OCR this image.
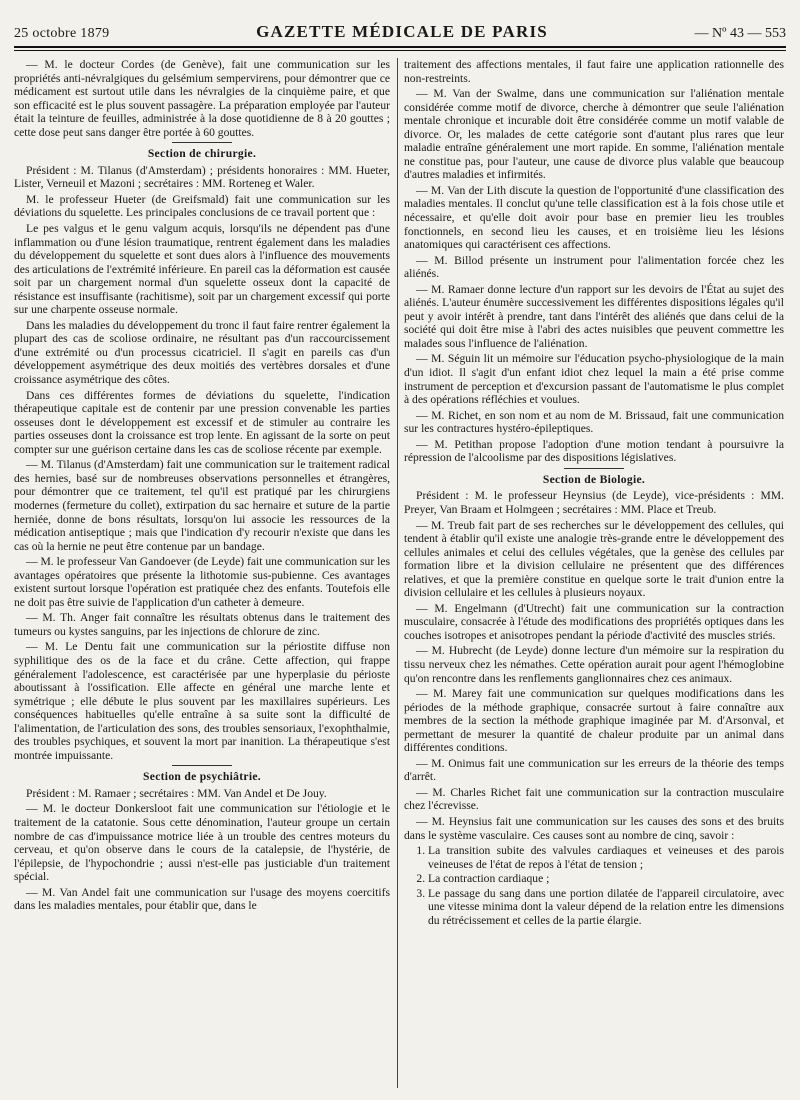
25 octobre 1879	GAZETTE MÉDICALE DE PARIS	— Nº 43 — 553

— M. le docteur Cordes (de Genève), fait une communication sur les propriétés anti-névralgiques du gelsémium sempervirens, pour démontrer que ce médicament est surtout utile dans les névralgies de la cinquième paire, et que son efficacité est le plus souvent passagère. La préparation employée par l'auteur était la teinture de feuilles, administrée à la dose quotidienne de 8 à 20 gouttes ; cette dose peut sans danger être portée à 60 gouttes.

Section de chirurgie.

Président : M. Tilanus (d'Amsterdam) ; présidents honoraires : MM. Hueter, Lister, Verneuil et Mazoni ; secrétaires : MM. Rorteneg et Waler.

M. le professeur Hueter (de Greifsmald) fait une communication sur les déviations du squelette. Les principales conclusions de ce travail portent que :

Le pes valgus et le genu valgum acquis, lorsqu'ils ne dépendent pas d'une inflammation ou d'une lésion traumatique, rentrent également dans les maladies du développement du squelette et sont dues alors à l'influence des mouvements des articulations de l'extrémité inférieure. En pareil cas la déformation est causée soit par un chargement normal d'un squelette osseux dont la capacité de résistance est insuffisante (rachitisme), soit par un chargement excessif qui porte sur une charpente osseuse normale.

Dans les maladies du développement du tronc il faut faire rentrer également la plupart des cas de scoliose ordinaire, ne résultant pas d'un raccourcissement d'une extrémité ou d'un processus cicatriciel. Il s'agit en pareils cas d'un développement asymétrique des deux moitiés des vertèbres dorsales et d'une croissance asymétrique des côtes.

Dans ces différentes formes de déviations du squelette, l'indication thérapeutique capitale est de contenir par une pression convenable les parties osseuses dont le développement est excessif et de stimuler au contraire les parties osseuses dont la croissance est trop lente. En agissant de la sorte on peut compter sur une guérison certaine dans les cas de scoliose récente par exemple.

— M. Tilanus (d'Amsterdam) fait une communication sur le traitement radical des hernies, basé sur de nombreuses observations personnelles et étrangères, pour démontrer que ce traitement, tel qu'il est pratiqué par les chirurgiens modernes (fermeture du collet), extirpation du sac hernaire et suture de la partie herniée, donne de bons résultats, lorsqu'on lui associe les ressources de la médication antiseptique ; mais que l'indication d'y recourir n'existe que dans les cas où la hernie ne peut être contenue par un bandage.

— M. le professeur Van Gandoever (de Leyde) fait une communication sur les avantages opératoires que présente la lithotomie sus-pubienne. Ces avantages existent surtout lorsque l'opération est pratiquée chez des enfants. Toutefois elle ne doit pas être suivie de l'application d'un catheter à demeure.

— M. Th. Anger fait connaître les résultats obtenus dans le traitement des tumeurs ou kystes sanguins, par les injections de chlorure de zinc.

— M. Le Dentu fait une communication sur la périostite diffuse non syphilitique des os de la face et du crâne. Cette affection, qui frappe généralement l'adolescence, est caractérisée par une hyperplasie du périoste aboutissant à l'ossification. Elle affecte en général une marche lente et symétrique ; elle débute le plus souvent par les maxillaires supérieurs. Les conséquences habituelles qu'elle entraîne à sa suite sont la difficulté de l'alimentation, de l'articulation des sons, des troubles sensoriaux, l'exophthalmie, des troubles psychiques, et souvent la mort par inanition. La thérapeutique s'est montrée impuissante.

Section de psychiâtrie.

Président : M. Ramaer ; secrétaires : MM. Van Andel et De Jouy.

— M. le docteur Donkersloot fait une communication sur l'étiologie et le traitement de la catatonie. Sous cette dénomination, l'auteur groupe un certain nombre de cas d'impuissance motrice liée à un trouble des centres moteurs du cerveau, et qu'on observe dans le cours de la catalepsie, de l'hystérie, de l'épilepsie, de l'hypochondrie ; aussi n'est-elle pas justiciable d'un traitement spécial.

— M. Van Andel fait une communication sur l'usage des moyens coercitifs dans les maladies mentales, pour établir que, dans le

traitement des affections mentales, il faut faire une application rationnelle des non-restreints.

— M. Van der Swalme, dans une communication sur l'aliénation mentale considérée comme motif de divorce, cherche à démontrer que seule l'aliénation mentale chronique et incurable doit être considérée comme un motif valable de divorce. Or, les malades de cette catégorie sont d'autant plus rares que leur maladie entraîne généralement une mort rapide. En somme, l'aliénation mentale ne constitue pas, pour l'auteur, une cause de divorce plus valable que beaucoup d'autres maladies et infirmités.

— M. Van der Lith discute la question de l'opportunité d'une classification des maladies mentales. Il conclut qu'une telle classification est à la fois chose utile et nécessaire, et qu'elle doit avoir pour base en premier lieu les troubles fonctionnels, en second lieu les causes, et en troisième lieu les lésions anatomiques qui caractérisent ces affections.

— M. Billod présente un instrument pour l'alimentation forcée chez les aliénés.

— M. Ramaer donne lecture d'un rapport sur les devoirs de l'État au sujet des aliénés. L'auteur énumère successivement les différentes dispositions légales qu'il peut y avoir intérêt à prendre, tant dans l'intérêt des aliénés que dans celui de la société qui doit être mise à l'abri des actes nuisibles que peuvent commettre les malades sous l'influence de l'aliénation.

— M. Séguin lit un mémoire sur l'éducation psycho-physiologique de la main d'un idiot. Il s'agit d'un enfant idiot chez lequel la main a été prise comme instrument de perception et d'excursion passant de l'automatisme le plus complet à des opérations réfléchies et voulues.

— M. Richet, en son nom et au nom de M. Brissaud, fait une communication sur les contractures hystéro-épileptiques.

— M. Petithan propose l'adoption d'une motion tendant à poursuivre la répression de l'alcoolisme par des dispositions législatives.

Section de Biologie.

Président : M. le professeur Heynsius (de Leyde), vice-présidents : MM. Preyer, Van Braam et Holmgeen ; secrétaires : MM. Place et Treub.

— M. Treub fait part de ses recherches sur le développement des cellules, qui tendent à établir qu'il existe une analogie très-grande entre le développement des cellules animales et celui des cellules végétales, que la genèse des cellules par formation libre et la division cellulaire ne présentent que des différences relatives, et que la première constitue en quelque sorte le trait d'union entre la division cellulaire et les cellules à plusieurs noyaux.

— M. Engelmann (d'Utrecht) fait une communication sur la contraction musculaire, consacrée à l'étude des modifications des propriétés optiques dans les couches isotropes et anisotropes pendant la période d'activité des muscles striés.

— M. Hubrecht (de Leyde) donne lecture d'un mémoire sur la respiration du tissu nerveux chez les némathes. Cette opération aurait pour agent l'hémoglobine qu'on rencontre dans les renflements ganglionnaires chez ces animaux.

— M. Marey fait une communication sur quelques modifications dans les périodes de la méthode graphique, consacrée surtout à faire connaître aux membres de la section la méthode graphique imaginée par M. d'Arsonval, et permettant de mesurer la quantité de chaleur produite par un animal dans différentes conditions.

— M. Onimus fait une communication sur les erreurs de la théorie des temps d'arrêt.

— M. Charles Richet fait une communication sur la contraction musculaire chez l'écrevisse.

— M. Heynsius fait une communication sur les causes des sons et des bruits dans le système vasculaire. Ces causes sont au nombre de cinq, savoir :

1. La transition subite des valvules cardiaques et veineuses et des parois veineuses de l'état de repos à l'état de tension ;
2. La contraction cardiaque ;
3. Le passage du sang dans une portion dilatée de l'appareil circulatoire, avec une vitesse minima dont la valeur dépend de la relation entre les dimensions du rétrécissement et celles de la partie élargie.
